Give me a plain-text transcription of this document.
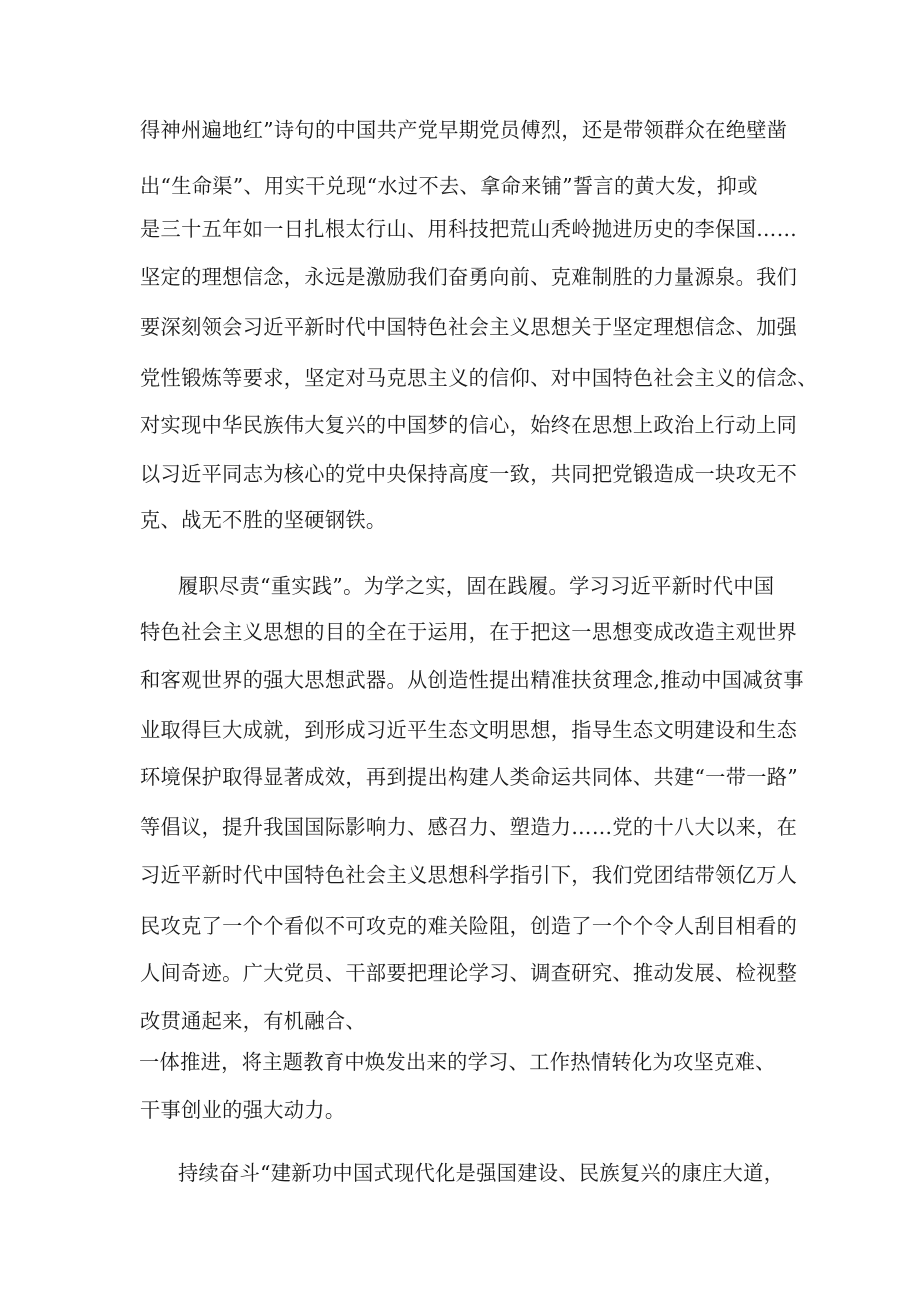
得神州遍地红”诗句的中国共产党早期党员傅烈，还是带领群众在绝壁凿
出“生命渠”、用实干兑现“水过不去、拿命来铺”誓言的黄大发，抑或
是三十五年如一日扎根太行山、用科技把荒山秃岭抛进历史的李保国……
坚定的理想信念，永远是激励我们奋勇向前、克难制胜的力量源泉。我们
要深刻领会习近平新时代中国特色社会主义思想关于坚定理想信念、加强
党性锻炼等要求，坚定对马克思主义的信仰、对中国特色社会主义的信念、
对实现中华民族伟大复兴的中国梦的信心，始终在思想上政治上行动上同
以习近平同志为核心的党中央保持高度一致，共同把党锻造成一块攻无不
克、战无不胜的坚硬钢铁。
履职尽责“重实践”。为学之实，固在践履。学习习近平新时代中国
特色社会主义思想的目的全在于运用，在于把这一思想变成改造主观世界
和客观世界的强大思想武器。从创造性提出精准扶贫理念,推动中国减贫事
业取得巨大成就，到形成习近平生态文明思想，指导生态文明建设和生态
环境保护取得显著成效，再到提出构建人类命运共同体、共建“一带一路”
等倡议，提升我国国际影响力、感召力、塑造力……党的十八大以来，在
习近平新时代中国特色社会主义思想科学指引下，我们党团结带领亿万人
民攻克了一个个看似不可攻克的难关险阻，创造了一个个令人刮目相看的
人间奇迹。广大党员、干部要把理论学习、调查研究、推动发展、检视整
改贯通起来，有机融合、
一体推进，将主题教育中焕发出来的学习、工作热情转化为攻坚克难、
干事创业的强大动力。
持续奋斗“建新功中国式现代化是强国建设、民族复兴的康庄大道，
